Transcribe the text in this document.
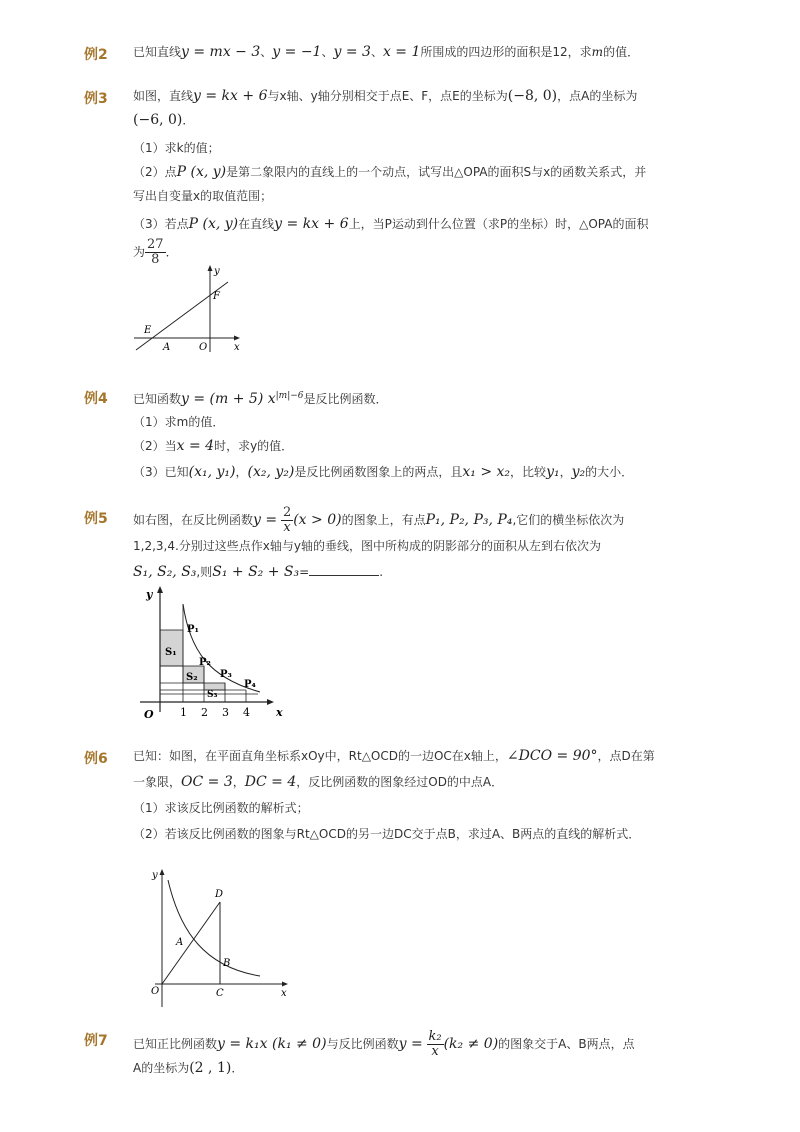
例2 已知直线y = mx − 3、y = −1、y = 3、x = 1所围成的四边形的面积是12，求m的值．
例3 如图，直线y = kx + 6与x轴、y轴分别相交于点E、F，点E的坐标为(−8, 0)，点A的坐标为
(−6, 0)．
（1）求k的值；
（2）点P (x, y)是第二象限内的直线上的一个动点，试写出△OPA的面积S与x的函数关系式，并
写出自变量x的取值范围；
（3）若点P (x, y)在直线y = kx + 6上，当P运动到什么位置（求P的坐标）时，△OPA的面积
为 $\frac{27}{8}$ ．
y
F
E
A	O	x
例4 已知函数y = (m + 5) $x^{|m|-6}$是反比例函数．
（1）求m的值．
（2）当x = 4时，求y的值．
（3）已知(x₁, y₁)，(x₂, y₂)是反比例函数图象上的两点，且x₁ > x₂，比较y₁，y₂的大小．
例5 如右图，在反比例函数$y = \frac{2}{x} (x > 0)$的图象上，有点P₁, P₂, P₃, P₄,它们的横坐标依次为
1,2,3,4.分别过这些点作x轴与y轴的垂线，图中所构成的阴影部分的面积从左到右依次为
S₁, S₂, S₃,则S₁ + S₂ + S₃=	.
y
O	x
1 2 3 4
P₁
P₂
P₃
P₄
S₁
S₂
S₃
例6 已知：如图，在平面直角坐标系xOy中，Rt△OCD的一边OC在x轴上，∠DCO = 90°，点D在第
一象限，OC = 3，DC = 4，反比例函数的图象经过OD的中点A．
（1）求该反比例函数的解析式；
（2）若该反比例函数的图象与Rt△OCD的另一边DC交于点B，求过A、B两点的直线的解析式．
y
D
A
B
O	C	x
例7 已知正比例函数y = k₁x (k₁ ≠ 0)与反比例函数$y = \frac{\text{k₂}}{x} (k_2 \ne 0)$的图象交于A、B两点，点
A的坐标为(2 , 1)．
